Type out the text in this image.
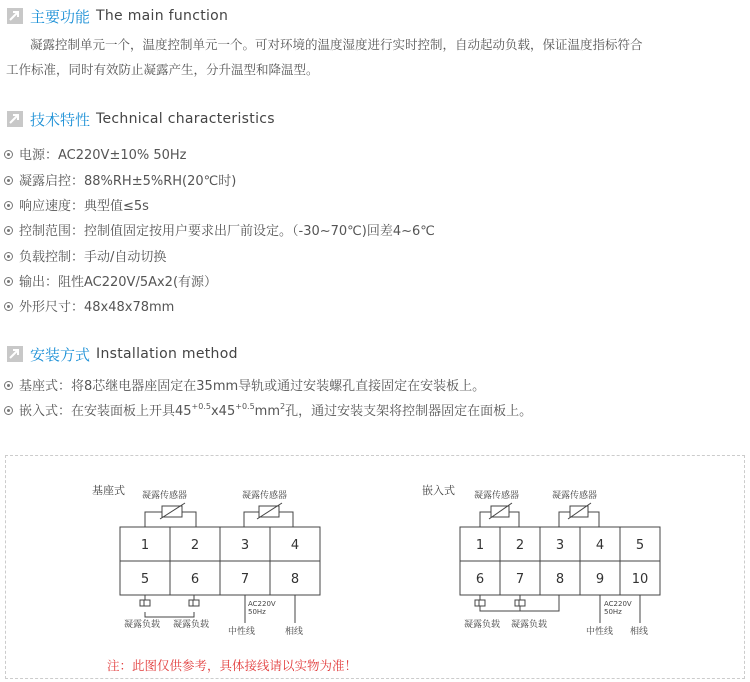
主要功能 The main function
凝露控制单元一个，温度控制单元一个。可对环境的温度湿度进行实时控制，自动起动负载，保证温度指标符合
工作标准，同时有效防止凝露产生，分升温型和降温型。
技术特性 Technical characteristics
电源：AC220V±10% 50Hz
凝露启控：88%RH±5%RH(20℃时)
响应速度：典型值≤5s
控制范围：控制值固定按用户要求出厂前设定。（-30~70℃)回差4~6℃
负载控制：手动/自动切换
输出：阻性AC220V/5Ax2(有源）
外形尺寸：48x48x78mm
安装方式 Installation method
基座式：将8芯继电器座固定在35mm导轨或通过安装螺孔直接固定在安装板上。
嵌入式：在安装面板上开具$45^{+0.5}x45^{+0.5}mm^2$孔，通过安装支架将控制器固定在面板上。
基座式 凝露传感器	凝露传感器
1	2	3	4
5	6	7	8
凝露负载 凝露负载
AC220V
50Hz
中性线	相线
嵌入式 凝露传感器	凝露传感器
1 2 3 4 5
6 7 8 9 10
凝露负载 凝露负载
AC220V
50Hz
中性线 相线
注：此图仅供参考，具体接线请以实物为准！
